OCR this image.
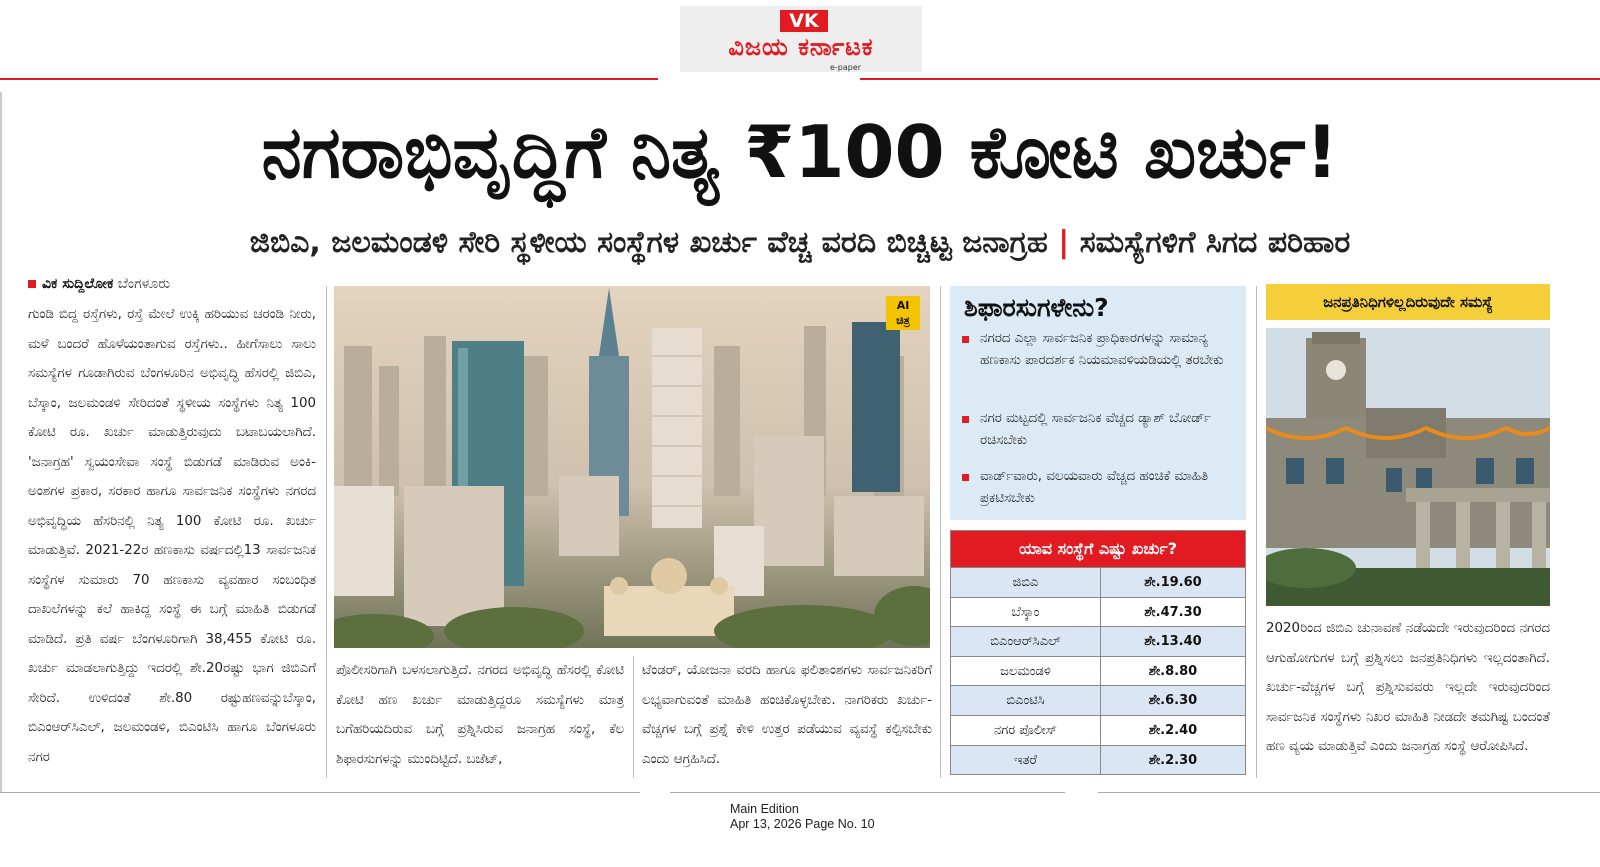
VK
ವಿಜಯ ಕರ್ನಾಟಕ
e-paper
ನಗರಾಭಿವೃದ್ಧಿಗೆ ನಿತ್ಯ ₹100 ಕೋಟಿ ಖರ್ಚು!
ಜಿಬಿಎ, ಜಲಮಂಡಳಿ ಸೇರಿ ಸ್ಥಳೀಯ ಸಂಸ್ಥೆಗಳ ಖರ್ಚು ವೆಚ್ಚ ವರದಿ ಬಿಚ್ಚಿಟ್ಟ ಜನಾಗ್ರಹ | ಸಮಸ್ಯೆಗಳಿಗೆ ಸಿಗದ ಪರಿಹಾರ
ವಿಕ ಸುದ್ದಿಲೋಕ ಬೆಂಗಳೂರು

ಗುಂಡಿ ಬಿದ್ದ ರಸ್ತೆಗಳು, ರಸ್ತೆ ಮೇಲೆ ಉಕ್ಕಿ ಹರಿಯುವ ಚರಂಡಿ ನೀರು, ಮಳೆ ಬಂದರೆ ಹೊಳೆಯಂತಾಗುವ ರಸ್ತೆಗಳು.. ಹೀಗೆಸಾಲು ಸಾಲು ಸಮಸ್ಯೆಗಳ ಗೂಡಾಗಿರುವ ಬೆಂಗಳೂರಿನ ಅಭಿವೃದ್ಧಿ ಹೆಸರಲ್ಲಿ ಜಿಬಿಎ, ಬೆಸ್ಕಾಂ, ಜಲಮಂಡಳಿ ಸೇರಿದಂತೆ ಸ್ಥಳೀಯ ಸಂಸ್ಥೆಗಳು ನಿತ್ಯ 100 ಕೋಟಿ ರೂ. ಖರ್ಚು ಮಾಡುತ್ತಿರುವುದು ಬಟಾಬಯಲಾಗಿದೆ. 'ಜನಾಗ್ರಹ' ಸ್ವಯಂಸೇವಾ ಸಂಸ್ಥೆ ಬಿಡುಗಡೆ ಮಾಡಿರುವ ಅಂಕಿ-ಅಂಶಗಳ ಪ್ರಕಾರ, ಸರಕಾರ ಹಾಗೂ ಸಾರ್ವಜನಿಕ ಸಂಸ್ಥೆಗಳು ನಗರದ ಅಭಿವೃದ್ಧಿಯ ಹೆಸರಿನಲ್ಲಿ ನಿತ್ಯ 100 ಕೋಟಿ ರೂ. ಖರ್ಚು ಮಾಡುತ್ತಿವೆ. 2021-22ರ ಹಣಕಾಸು ವರ್ಷದಲ್ಲಿ13 ಸಾರ್ವಜನಿಕ ಸಂಸ್ಥೆಗಳ ಸುಮಾರು 70 ಹಣಕಾಸು ವ್ಯವಹಾರ ಸಂಬಂಧಿತ ದಾಖಲೆಗಳನ್ನು ಕಲೆ ಹಾಕಿದ್ದ ಸಂಸ್ಥೆ ಈ ಬಗ್ಗೆ ಮಾಹಿತಿ ಬಿಡುಗಡೆ ಮಾಡಿದೆ. ಪ್ರತಿ ವರ್ಷ ಬೆಂಗಳೂರಿಗಾಗಿ 38,455 ಕೋಟಿ ರೂ. ಖರ್ಚು ಮಾಡಲಾಗುತ್ತಿದ್ದು ಇದರಲ್ಲಿ ಶೇ.20ರಷ್ಟು ಭಾಗ ಜಿಬಿಎಗೆ ಸೇರಿದೆ. ಉಳಿದಂತೆ ಶೇ.80 ರಷ್ಟುಹಣವನ್ನುಬೆಸ್ಕಾಂ, ಬಿಎಂಆರ್‌ಸಿಎಲ್, ಜಲಮಂಡಳಿ, ಬಿಎಂಟಿಸಿ ಹಾಗೂ ಬೆಂಗಳೂರು ನಗರ

AI
ಚಿತ್ರ

ಪೊಲೀಸರಿಗಾಗಿ ಬಳಸಲಾಗುತ್ತಿದೆ. ನಗರದ ಅಭಿವೃದ್ಧಿ ಹೆಸರಲ್ಲಿ ಕೋಟಿ ಕೋಟಿ ಹಣ ಖರ್ಚು ಮಾಡುತ್ತಿದ್ದರೂ ಸಮಸ್ಯೆಗಳು ಮಾತ್ರ ಬಗೆಹರಿಯದಿರುವ ಬಗ್ಗೆ ಪ್ರಶ್ನಿಸಿರುವ ಜನಾಗ್ರಹ ಸಂಸ್ಥೆ, ಕೆಲ ಶಿಫಾರಸುಗಳನ್ನು ಮುಂದಿಟ್ಟಿದೆ. ಬಜೆಟ್,

ಟೆಂಡರ್, ಯೋಜನಾ ವರದಿ ಹಾಗೂ ಫಲಿತಾಂಶಗಳು ಸಾರ್ವಜನಿಕರಿಗೆ ಲಭ್ಯವಾಗುವಂತೆ ಮಾಹಿತಿ ಹಂಚಿಕೊಳ್ಳಬೇಕು. ನಾಗರಿಕರು ಖರ್ಚು-ವೆಚ್ಚಗಳ ಬಗ್ಗೆ ಪ್ರಶ್ನೆ ಕೇಳಿ ಉತ್ತರ ಪಡೆಯುವ ವ್ಯವಸ್ಥೆ ಕಲ್ಪಿಸಬೇಕು ಎಂದು ಆಗ್ರಹಿಸಿದೆ.

ಶಿಫಾರಸುಗಳೇನು?
ನಗರದ ಎಲ್ಲಾ ಸಾರ್ವಜನಿಕ ಪ್ರಾಧಿಕಾರಗಳನ್ನು ಸಾಮಾನ್ಯ ಹಣಕಾಸು ಪಾರದರ್ಶಕ ನಿಯಮಾವಳಿಯಡಿಯಲ್ಲಿ ತರಬೇಕು
ನಗರ ಮಟ್ಟದಲ್ಲಿ ಸಾರ್ವಜನಿಕ ವೆಚ್ಚದ ಡ್ಯಾಶ್ ಬೋರ್ಡ್ ರಚಿಸಬೇಕು
ವಾರ್ಡ್‌ವಾರು, ವಲಯವಾರು ವೆಚ್ಚದ ಹಂಚಿಕೆ ಮಾಹಿತಿ ಪ್ರಕಟಿಸಬೇಕು
ಯಾವ ಸಂಸ್ಥೆಗೆ ಎಷ್ಟು ಖರ್ಚು?
ಜಿಬಿಎ	ಶೇ.19.60
ಬೆಸ್ಕಾಂ	ಶೇ.47.30
ಬಿಎಂಆರ್‌ಸಿಎಲ್	ಶೇ.13.40
ಜಲಮಂಡಳಿ	ಶೇ.8.80
ಬಿಎಂಟಿಸಿ	ಶೇ.6.30
ನಗರ ಪೊಲೀಸ್	ಶೇ.2.40
ಇತರೆ	ಶೇ.2.30
ಜನಪ್ರತಿನಿಧಿಗಳಿಲ್ಲದಿರುವುದೇ ಸಮಸ್ಯೆ

2020ರಿಂದ ಜಿಬಿಎ ಚುನಾವಣೆ ನಡೆಯದೇ ಇರುವುದರಿಂದ ನಗರದ ಆಗುಹೋಗುಗಳ ಬಗ್ಗೆ ಪ್ರಶ್ನಿಸಲು ಜನಪ್ರತಿನಿಧಿಗಳು ಇಲ್ಲದಂತಾಗಿದೆ. ಖರ್ಚು-ವೆಚ್ಚಗಳ ಬಗ್ಗೆ ಪ್ರಶ್ನಿಸುವವರು ಇಲ್ಲದೇ ಇರುವುದರಿಂದ ಸಾರ್ವಜನಿಕ ಸಂಸ್ಥೆಗಳು ನಿಖರ ಮಾಹಿತಿ ನೀಡದೇ ತಮಗಿಷ್ಟ ಬಂದಂತೆ ಹಣ ವ್ಯಯ ಮಾಡುತ್ತಿವೆ ಎಂದು ಜನಾಗ್ರಹ ಸಂಸ್ಥೆ ಆರೋಪಿಸಿದೆ.

Main Edition
Apr 13, 2026 Page No. 10
